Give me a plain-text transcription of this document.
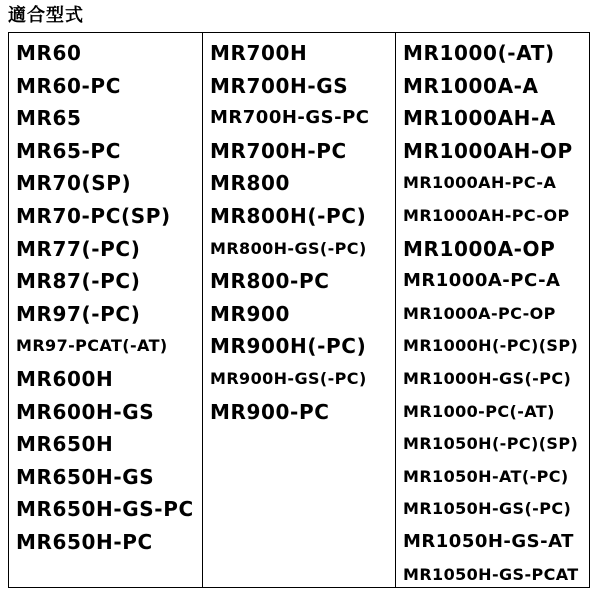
適合型式
MR60
MR60-PC
MR65
MR65-PC
MR70(SP)
MR70-PC(SP)
MR77(-PC)
MR87(-PC)
MR97(-PC)
MR97-PCAT(-AT)
MR600H
MR600H-GS
MR650H
MR650H-GS
MR650H-GS-PC
MR650H-PC
MR700H
MR700H-GS
MR700H-GS-PC
MR700H-PC
MR800
MR800H(-PC)
MR800H-GS(-PC)
MR800-PC
MR900
MR900H(-PC)
MR900H-GS(-PC)
MR900-PC
MR1000(-AT)
MR1000A-A
MR1000AH-A
MR1000AH-OP
MR1000AH-PC-A
MR1000AH-PC-OP
MR1000A-OP
MR1000A-PC-A
MR1000A-PC-OP
MR1000H(-PC)(SP)
MR1000H-GS(-PC)
MR1000-PC(-AT)
MR1050H(-PC)(SP)
MR1050H-AT(-PC)
MR1050H-GS(-PC)
MR1050H-GS-AT
MR1050H-GS-PCAT
